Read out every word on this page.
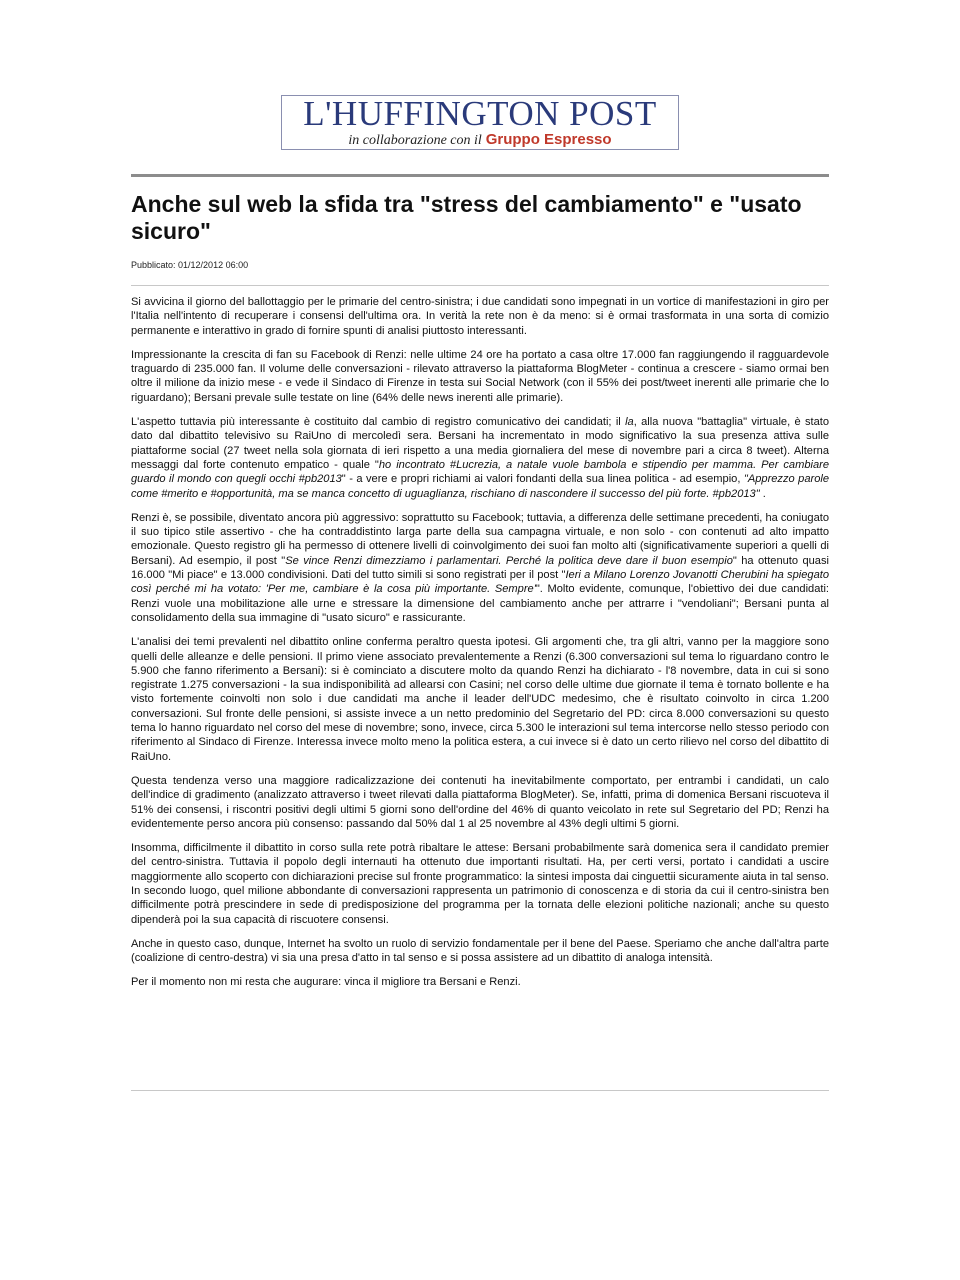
L'HUFFINGTON POST
in collaborazione con il Gruppo Espresso
Anche sul web la sfida tra "stress del cambiamento" e "usato sicuro"
Pubblicato: 01/12/2012 06:00

Si avvicina il giorno del ballottaggio per le primarie del centro-sinistra; i due candidati sono impegnati in un vortice di manifestazioni in giro per l'Italia nell'intento di recuperare i consensi dell'ultima ora. In verità la rete non è da meno: si è ormai trasformata in una sorta di comizio permanente e interattivo in grado di fornire spunti di analisi piuttosto interessanti.

Impressionante la crescita di fan su Facebook di Renzi: nelle ultime 24 ore ha portato a casa oltre 17.000 fan raggiungendo il ragguardevole traguardo di 235.000 fan. Il volume delle conversazioni - rilevato attraverso la piattaforma BlogMeter - continua a crescere - siamo ormai ben oltre il milione da inizio mese - e vede il Sindaco di Firenze in testa sui Social Network (con il 55% dei post/tweet inerenti alle primarie che lo riguardano); Bersani prevale sulle testate on line (64% delle news inerenti alle primarie).

L'aspetto tuttavia più interessante è costituito dal cambio di registro comunicativo dei candidati; il la, alla nuova "battaglia" virtuale, è stato dato dal dibattito televisivo su RaiUno di mercoledì sera. Bersani ha incrementato in modo significativo la sua presenza attiva sulle piattaforme social (27 tweet nella sola giornata di ieri rispetto a una media giornaliera del mese di novembre pari a circa 8 tweet). Alterna messaggi dal forte contenuto empatico - quale "ho incontrato #Lucrezia, a natale vuole bambola e stipendio per mamma. Per cambiare guardo il mondo con quegli occhi #pb2013" - a vere e propri richiami ai valori fondanti della sua linea politica - ad esempio, "Apprezzo parole come #merito e #opportunità, ma se manca concetto di uguaglianza, rischiano di nascondere il successo del più forte. #pb2013" .

Renzi è, se possibile, diventato ancora più aggressivo: soprattutto su Facebook; tuttavia, a differenza delle settimane precedenti, ha coniugato il suo tipico stile assertivo - che ha contraddistinto larga parte della sua campagna virtuale, e non solo - con contenuti ad alto impatto emozionale. Questo registro gli ha permesso di ottenere livelli di coinvolgimento dei suoi fan molto alti (significativamente superiori a quelli di Bersani). Ad esempio, il post "Se vince Renzi dimezziamo i parlamentari. Perché la politica deve dare il buon esempio" ha ottenuto quasi 16.000 "Mi piace" e 13.000 condivisioni. Dati del tutto simili si sono registrati per il post "Ieri a Milano Lorenzo Jovanotti Cherubini ha spiegato così perché mi ha votato: 'Per me, cambiare è la cosa più importante. Sempre'". Molto evidente, comunque, l'obiettivo dei due candidati: Renzi vuole una mobilitazione alle urne e stressare la dimensione del cambiamento anche per attrarre i "vendoliani"; Bersani punta al consolidamento della sua immagine di "usato sicuro" e rassicurante.

L'analisi dei temi prevalenti nel dibattito online conferma peraltro questa ipotesi. Gli argomenti che, tra gli altri, vanno per la maggiore sono quelli delle alleanze e delle pensioni. Il primo viene associato prevalentemente a Renzi (6.300 conversazioni sul tema lo riguardano contro le 5.900 che fanno riferimento a Bersani): si è cominciato a discutere molto da quando Renzi ha dichiarato - l'8 novembre, data in cui si sono registrate 1.275 conversazioni - la sua indisponibilità ad allearsi con Casini; nel corso delle ultime due giornate il tema è tornato bollente e ha visto fortemente coinvolti non solo i due candidati ma anche il leader dell'UDC medesimo, che è risultato coinvolto in circa 1.200 conversazioni. Sul fronte delle pensioni, si assiste invece a un netto predominio del Segretario del PD: circa 8.000 conversazioni su questo tema lo hanno riguardato nel corso del mese di novembre; sono, invece, circa 5.300 le interazioni sul tema intercorse nello stesso periodo con riferimento al Sindaco di Firenze. Interessa invece molto meno la politica estera, a cui invece si è dato un certo rilievo nel corso del dibattito di RaiUno.

Questa tendenza verso una maggiore radicalizzazione dei contenuti ha inevitabilmente comportato, per entrambi i candidati, un calo dell'indice di gradimento (analizzato attraverso i tweet rilevati dalla piattaforma BlogMeter). Se, infatti, prima di domenica Bersani riscuoteva il 51% dei consensi, i riscontri positivi degli ultimi 5 giorni sono dell'ordine del 46% di quanto veicolato in rete sul Segretario del PD; Renzi ha evidentemente perso ancora più consenso: passando dal 50% dal 1 al 25 novembre al 43% degli ultimi 5 giorni.

Insomma, difficilmente il dibattito in corso sulla rete potrà ribaltare le attese: Bersani probabilmente sarà domenica sera il candidato premier del centro-sinistra. Tuttavia il popolo degli internauti ha ottenuto due importanti risultati. Ha, per certi versi, portato i candidati a uscire maggiormente allo scoperto con dichiarazioni precise sul fronte programmatico: la sintesi imposta dai cinguettii sicuramente aiuta in tal senso. In secondo luogo, quel milione abbondante di conversazioni rappresenta un patrimonio di conoscenza e di storia da cui il centro-sinistra ben difficilmente potrà prescindere in sede di predisposizione del programma per la tornata delle elezioni politiche nazionali; anche su questo dipenderà poi la sua capacità di riscuotere consensi.

Anche in questo caso, dunque, Internet ha svolto un ruolo di servizio fondamentale per il bene del Paese. Speriamo che anche dall'altra parte (coalizione di centro-destra) vi sia una presa d'atto in tal senso e si possa assistere ad un dibattito di analoga intensità.

Per il momento non mi resta che augurare: vinca il migliore tra Bersani e Renzi.
